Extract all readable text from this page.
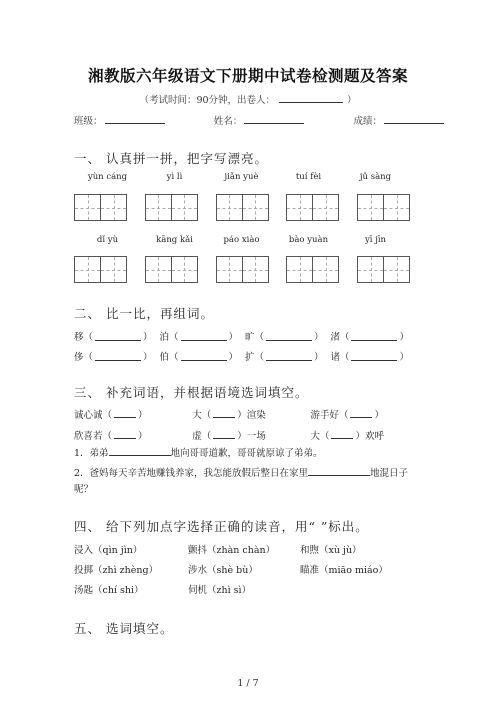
湘教版六年级语文下册期中试卷检测题及答案
（考试时间：90分钟，出卷人：	）
班级：	姓名：	成绩：
一、 认真拼一拼，把字写漂亮。
yùn cáng	yì lì	jiǎn yuè	tuí fèi	jǔ sàng
dǐ yù	kāng kǎi	páo xiào	bào yuàn	yī jīn
二、 比一比，再组词。
移 （	） 泊 （	） 旷 （	） 渚 （	）
侈 （	） 伯 （	） 扩 （	） 诸 （	）
三、 补充词语，并根据语境选词填空。
诚心诚（	）	大（	）渲染	游手好（	）
欣喜若（	）	虚（	）一场	大（	）欢呼
1．弟弟	地向哥哥道歉，哥哥就原谅了弟弟。
2．爸妈每天辛苦地赚钱养家，我怎能放假后整日在家里	地混日子
呢？
四、 给下列加点字选择正确的读音，用“ ”标出。
浸入（qìn jìn）	颤抖（zhàn chàn）	和煦（xù jù）
投掷（zhì zhèng）	涉水（shè bù）	瞄准（miāo miáo）
汤匙（chí shi）	伺机（zhì sì）
五、 选词填空。
1 / 7
